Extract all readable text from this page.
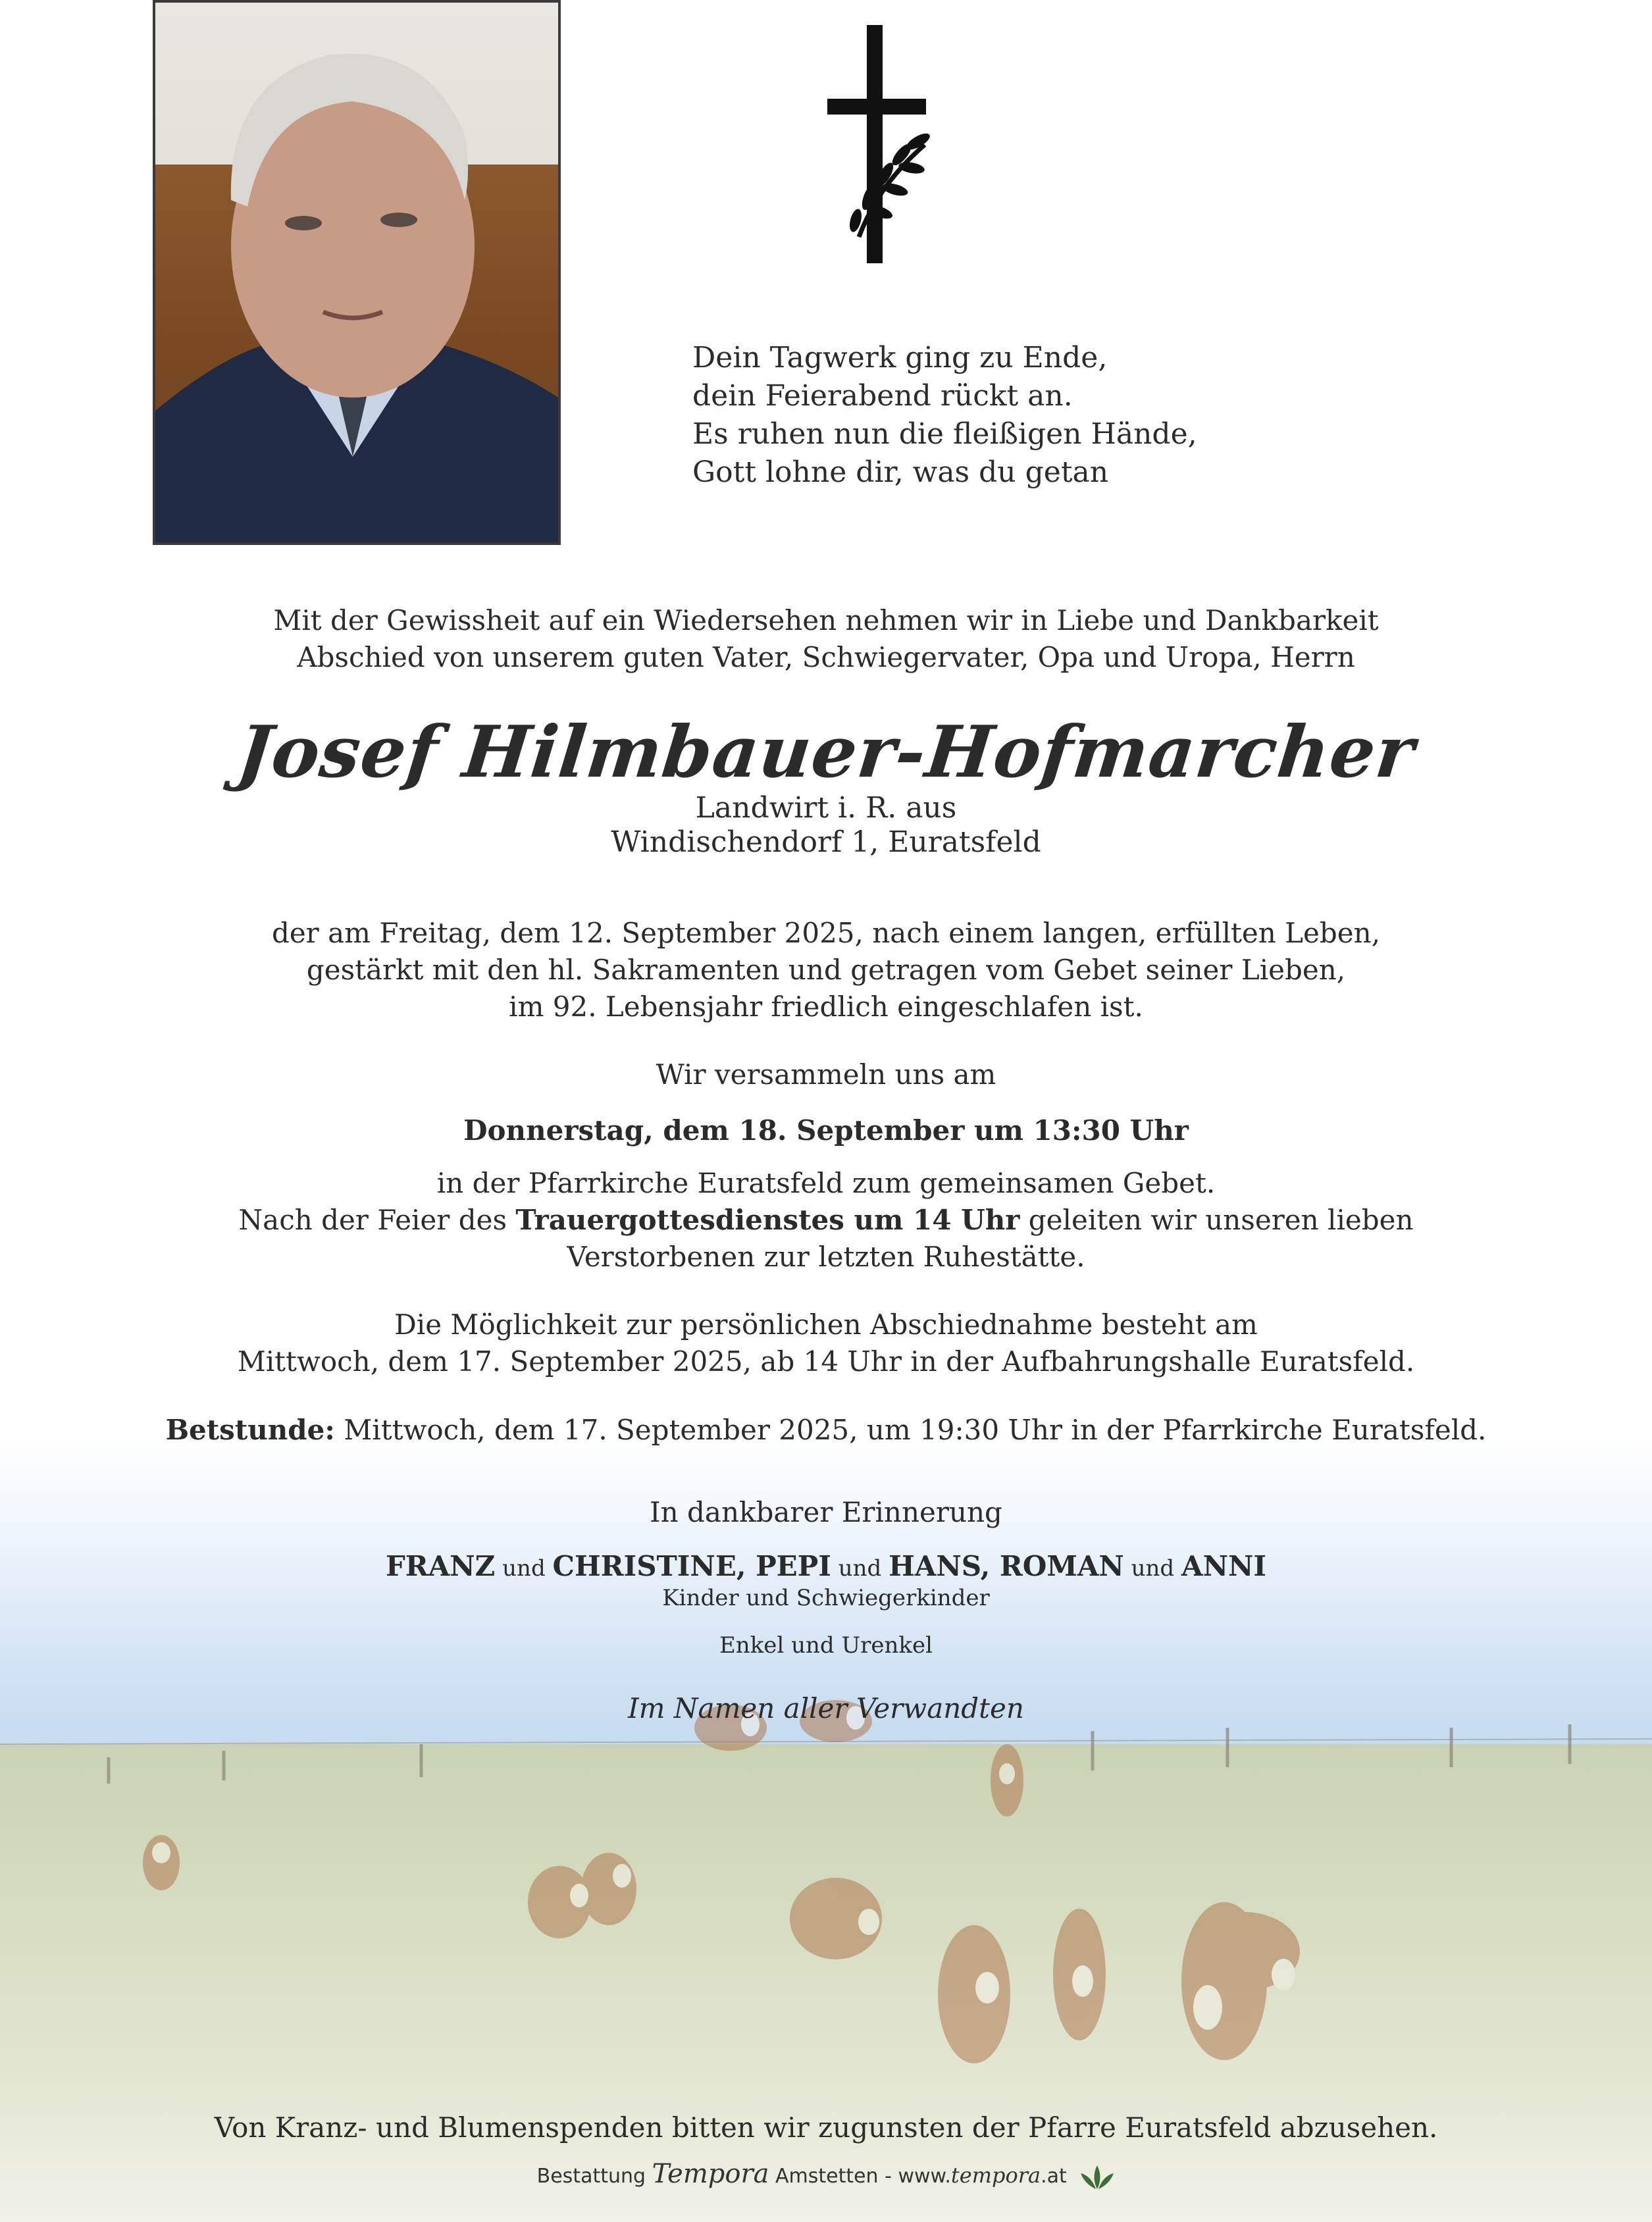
Dein Tagwerk ging zu Ende,
dein Feierabend rückt an.
Es ruhen nun die fleißigen Hände,
Gott lohne dir, was du getan
Mit der Gewissheit auf ein Wiedersehen nehmen wir in Liebe und Dankbarkeit
Abschied von unserem guten Vater, Schwiegervater, Opa und Uropa, Herrn
Josef Hilmbauer-Hofmarcher
Landwirt i. R. aus
Windischendorf 1, Euratsfeld
der am Freitag, dem 12. September 2025, nach einem langen, erfüllten Leben,
gestärkt mit den hl. Sakramenten und getragen vom Gebet seiner Lieben,
im 92. Lebensjahr friedlich eingeschlafen ist.
Wir versammeln uns am
Donnerstag, dem 18. September um 13:30 Uhr
in der Pfarrkirche Euratsfeld zum gemeinsamen Gebet.
Nach der Feier des Trauergottesdienstes um 14 Uhr geleiten wir unseren lieben
Verstorbenen zur letzten Ruhestätte.
Die Möglichkeit zur persönlichen Abschiednahme besteht am
Mittwoch, dem 17. September 2025, ab 14 Uhr in der Aufbahrungshalle Euratsfeld.
Betstunde: Mittwoch, dem 17. September 2025, um 19:30 Uhr in der Pfarrkirche Euratsfeld.
In dankbarer Erinnerung
FRANZ und CHRISTINE, PEPI und HANS, ROMAN und ANNI
Kinder und Schwiegerkinder
Enkel und Urenkel
Im Namen aller Verwandten
Von Kranz- und Blumenspenden bitten wir zugunsten der Pfarre Euratsfeld abzusehen.
Bestattung Tempora Amstetten - www.tempora.at
